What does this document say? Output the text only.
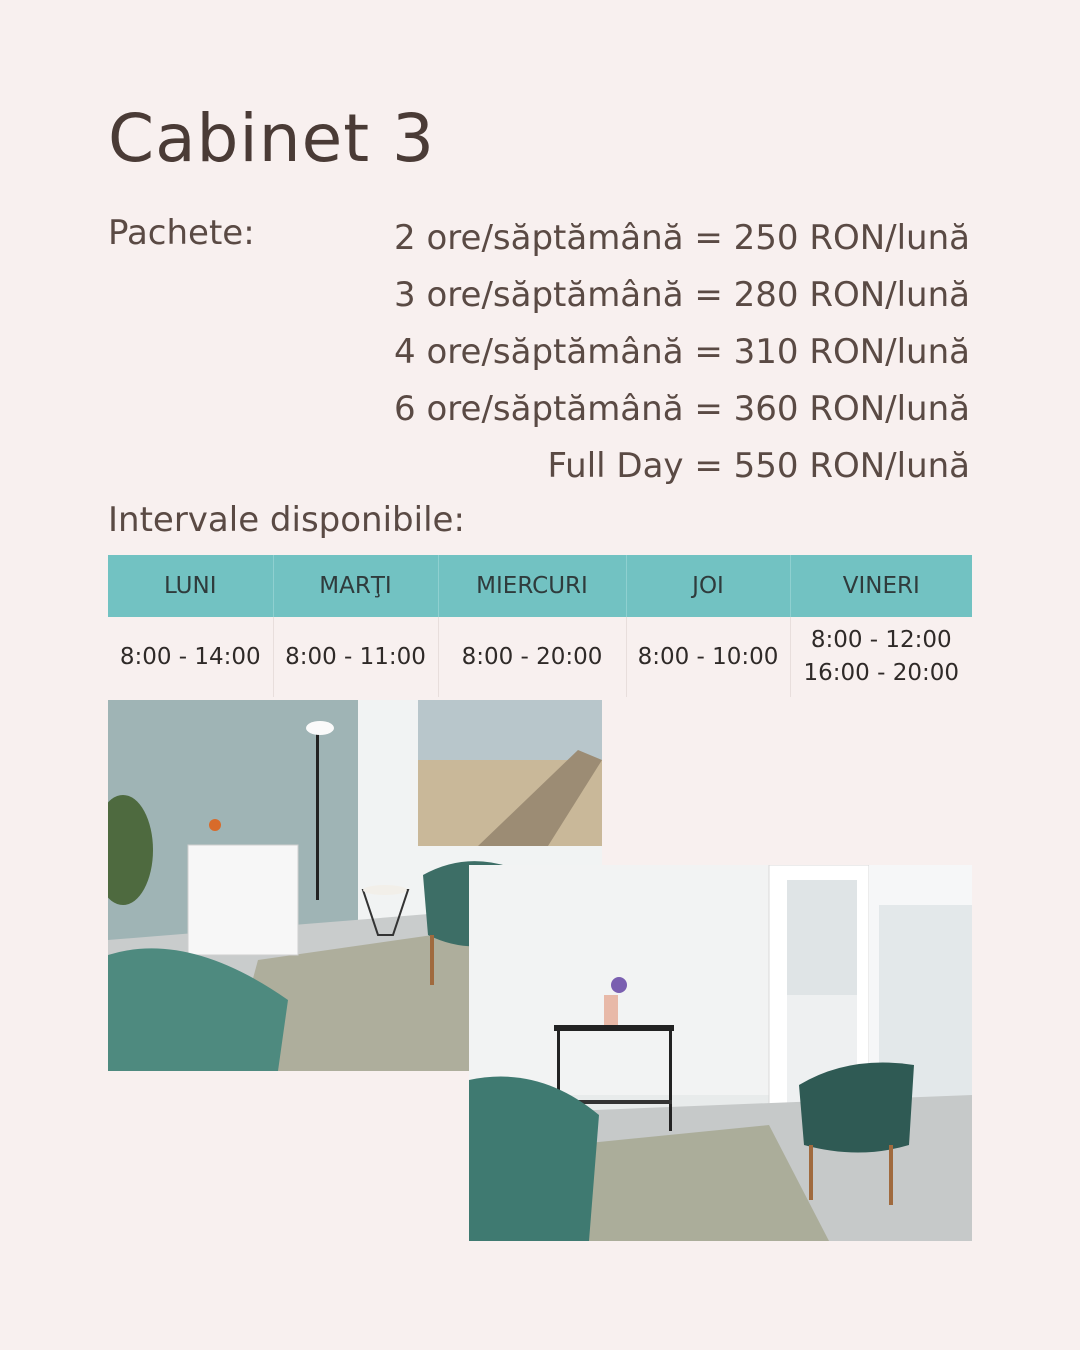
Cabinet 3
Pachete:	2 ore/săptămână = 250 RON/lună
3 ore/săptămână = 280 RON/lună
4 ore/săptămână = 310 RON/lună
6 ore/săptămână = 360 RON/lună
Full Day = 550 RON/lună
Intervale disponibile:
LUNI	MARŢI	MIERCURI	JOI	VINERI

8:00 - 14:00	8:00 - 11:00	8:00 - 20:00	8:00 - 10:00	8:00 - 12:00
16:00 - 20:00
